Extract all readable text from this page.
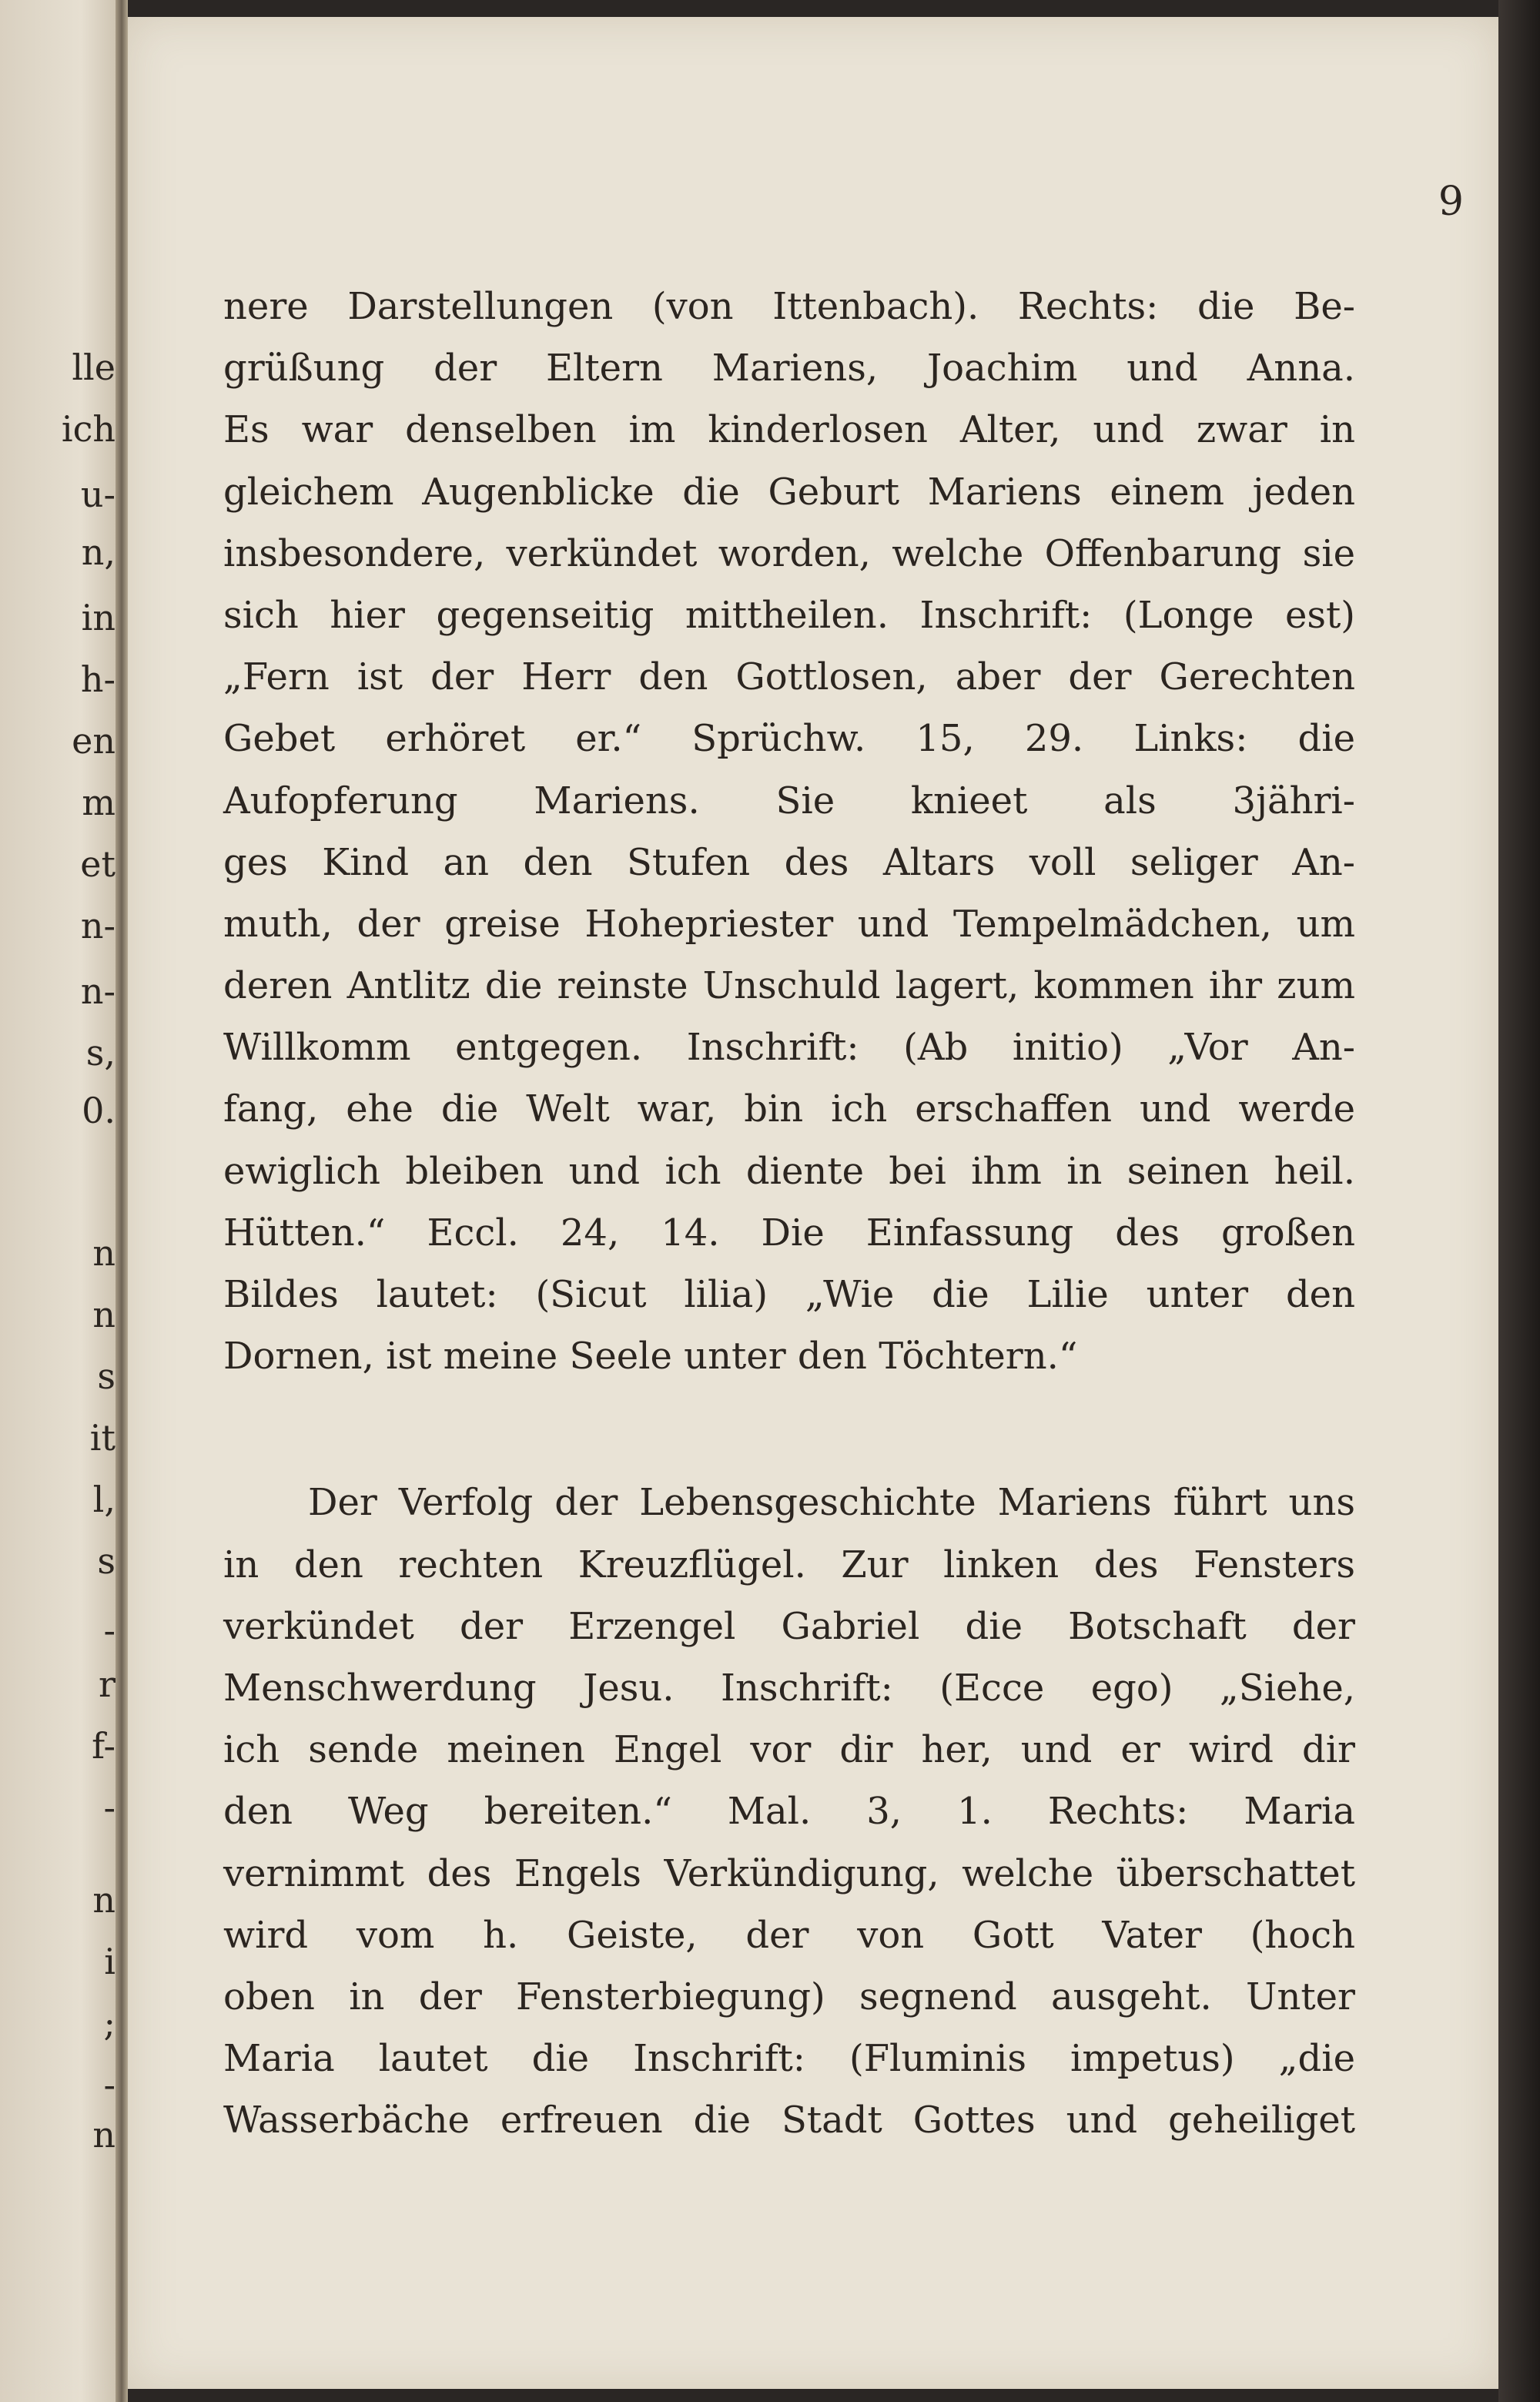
lle
ich
u-
n,
in
h-
en
m
et
n-
n-
s,
0.
n
n
s
it
l,
s
-
r
f-
-
n
i
;
-
n
9
nere Darstellungen (von Ittenbach). Rechts: die Be-
grüßung der Eltern Mariens, Joachim und Anna.
Es war denselben im kinderlosen Alter, und zwar in
gleichem Augenblicke die Geburt Mariens einem jeden
insbesondere, verkündet worden, welche Offenbarung sie
sich hier gegenseitig mittheilen. Inschrift: (Longe est)
„Fern ist der Herr den Gottlosen, aber der Gerechten
Gebet erhöret er.“ Sprüchw. 15, 29. Links: die
Aufopferung Mariens. Sie knieet als 3jähri-
ges Kind an den Stufen des Altars voll seliger An-
muth, der greise Hohepriester und Tempelmädchen, um
deren Antlitz die reinste Unschuld lagert, kommen ihr zum
Willkomm entgegen. Inschrift: (Ab initio) „Vor An-
fang, ehe die Welt war, bin ich erschaffen und werde
ewiglich bleiben und ich diente bei ihm in seinen heil.
Hütten.“ Eccl. 24, 14. Die Einfassung des großen
Bildes lautet: (Sicut lilia) „Wie die Lilie unter den
Dornen, ist meine Seele unter den Töchtern.“
Der Verfolg der Lebensgeschichte Mariens führt uns
in den rechten Kreuzflügel. Zur linken des Fensters
verkündet der Erzengel Gabriel die Botschaft der
Menschwerdung Jesu. Inschrift: (Ecce ego) „Siehe,
ich sende meinen Engel vor dir her, und er wird dir
den Weg bereiten.“ Mal. 3, 1. Rechts: Maria
vernimmt des Engels Verkündigung, welche überschattet
wird vom h. Geiste, der von Gott Vater (hoch
oben in der Fensterbiegung) segnend ausgeht. Unter
Maria lautet die Inschrift: (Fluminis impetus) „die
Wasserbäche erfreuen die Stadt Gottes und geheiliget
